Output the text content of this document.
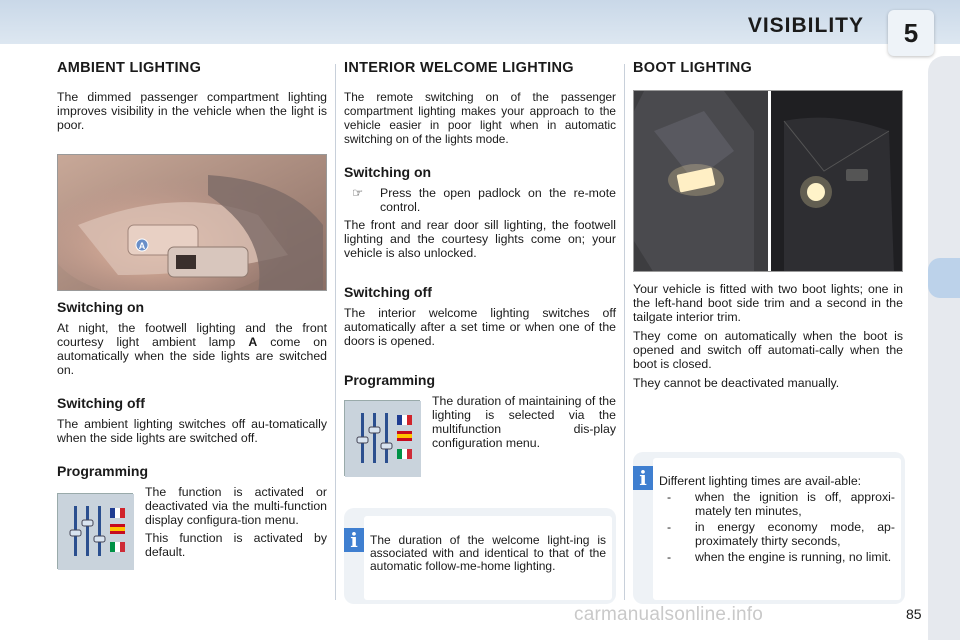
VISIBILITY	5
AMBIENT LIGHTING

The dimmed passenger compartment lighting improves visibility in the vehicle when the light is poor.

A
Switching on

At night, the footwell lighting and the front courtesy light ambient lamp A come on automatically when the side lights are switched on.

Switching off

The ambient lighting switches off au-tomatically when the side lights are switched off.

Programming

The function is activated or deactivated via the multi-function display configura-tion menu.

This function is activated by default.

INTERIOR WELCOME LIGHTING

The remote switching on of the passenger compartment lighting makes your approach to the vehicle easier in poor light when in automatic switching on of the lights mode.

Switching on
☞ Press the open padlock on the re-mote control.

The front and rear door sill lighting, the footwell lighting and the courtesy lights come on; your vehicle is also unlocked.

Switching off

The interior welcome lighting switches off automatically after a set time or when one of the doors is opened.

Programming

The duration of maintaining of the lighting is selected via the multifunction dis-play configuration menu.

i	The duration of the welcome light-ing is associated with and identical to that of the automatic follow-me-home lighting.

BOOT LIGHTING

Your vehicle is fitted with two boot lights; one in the left-hand boot side trim and a second in the tailgate interior trim.

They come on automatically when the boot is opened and switch off automati-cally when the boot is closed.

They cannot be deactivated manually.

i Different lighting times are avail-able:

- when the ignition is off, approxi-mately ten minutes,
- in energy economy mode, ap-proximately thirty seconds,
- when the engine is running, no limit.
carmanualsonline.info	85
